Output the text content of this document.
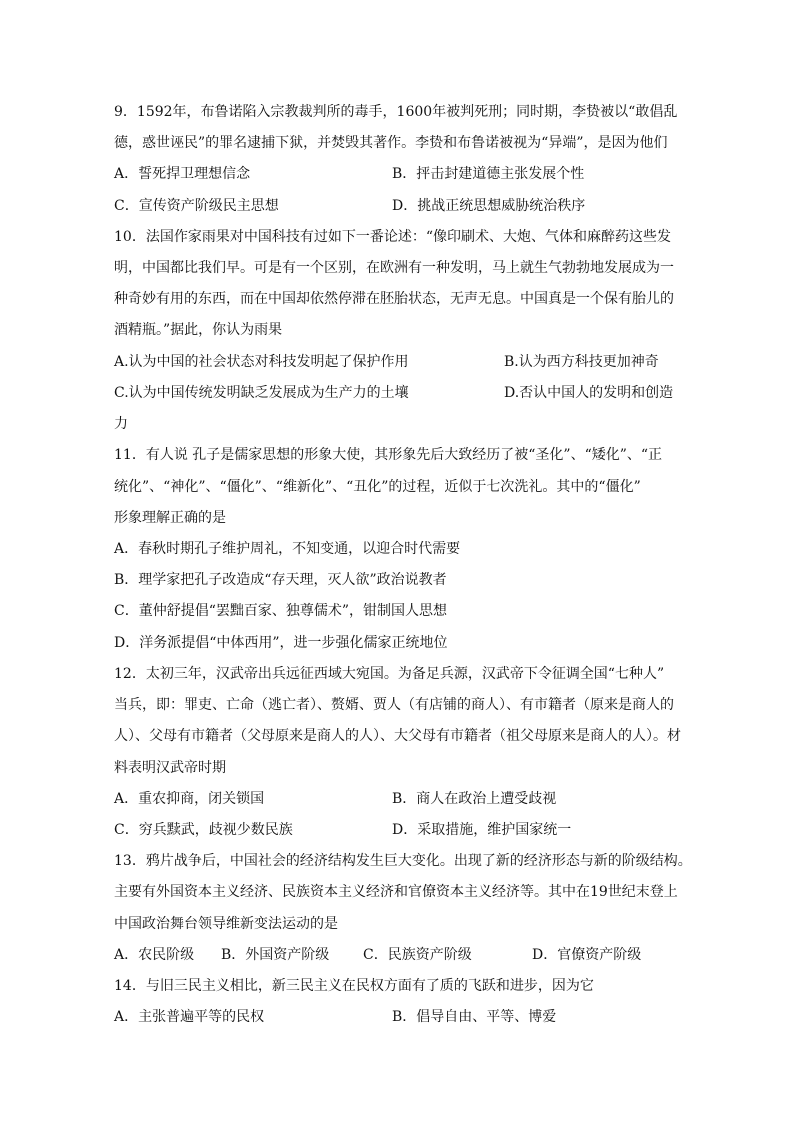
9．1592年，布鲁诺陷入宗教裁判所的毒手，1600年被判死刑；同时期，李贽被以“敢倡乱
德，惑世诬民”的罪名逮捕下狱，并焚毁其著作。李贽和布鲁诺被视为“异端”，是因为他们
A．誓死捍卫理想信念	B．抨击封建道德主张发展个性
C．宣传资产阶级民主思想	D．挑战正统思想威胁统治秩序
10．法国作家雨果对中国科技有过如下一番论述：“像印刷术、大炮、气体和麻醉药这些发
明，中国都比我们早。可是有一个区别，在欧洲有一种发明，马上就生气勃勃地发展成为一
种奇妙有用的东西，而在中国却依然停滞在胚胎状态，无声无息。中国真是一个保有胎儿的
酒精瓶。”据此，你认为雨果
A.认为中国的社会状态对科技发明起了保护作用	B.认为西方科技更加神奇
C.认为中国传统发明缺乏发展成为生产力的土壤	D.否认中国人的发明和创造
力
11．有人说 孔子是儒家思想的形象大使，其形象先后大致经历了被“圣化”、“矮化”、“正
统化”、“神化”、“僵化”、“维新化”、“丑化”的过程，近似于七次洗礼。其中的“僵化”
形象理解正确的是
A．春秋时期孔子维护周礼，不知变通，以迎合时代需要
B．理学家把孔子改造成“存天理，灭人欲”政治说教者
C．董仲舒提倡“罢黜百家、独尊儒术”，钳制国人思想
D．洋务派提倡“中体西用”，进一步强化儒家正统地位
12．太初三年，汉武帝出兵远征西域大宛国。为备足兵源，汉武帝下令征调全国“七种人”
当兵，即：罪吏、亡命（逃亡者）、赘婿、贾人（有店铺的商人）、有市籍者（原来是商人的
人）、父母有市籍者（父母原来是商人的人）、大父母有市籍者（祖父母原来是商人的人）。材
料表明汉武帝时期
A．重农抑商，闭关锁国	B．商人在政治上遭受歧视
C．穷兵黩武，歧视少数民族	D．采取措施，维护国家统一
13．鸦片战争后，中国社会的经济结构发生巨大变化。出现了新的经济形态与新的阶级结构。
主要有外国资本主义经济、民族资本主义经济和官僚资本主义经济等。其中在19世纪末登上
中国政治舞台领导维新变法运动的是
A．农民阶级 B．外国资产阶级 C．民族资产阶级	D．官僚资产阶级
14．与旧三民主义相比，新三民主义在民权方面有了质的飞跃和进步，因为它
A．主张普遍平等的民权	B．倡导自由、平等、博爱
